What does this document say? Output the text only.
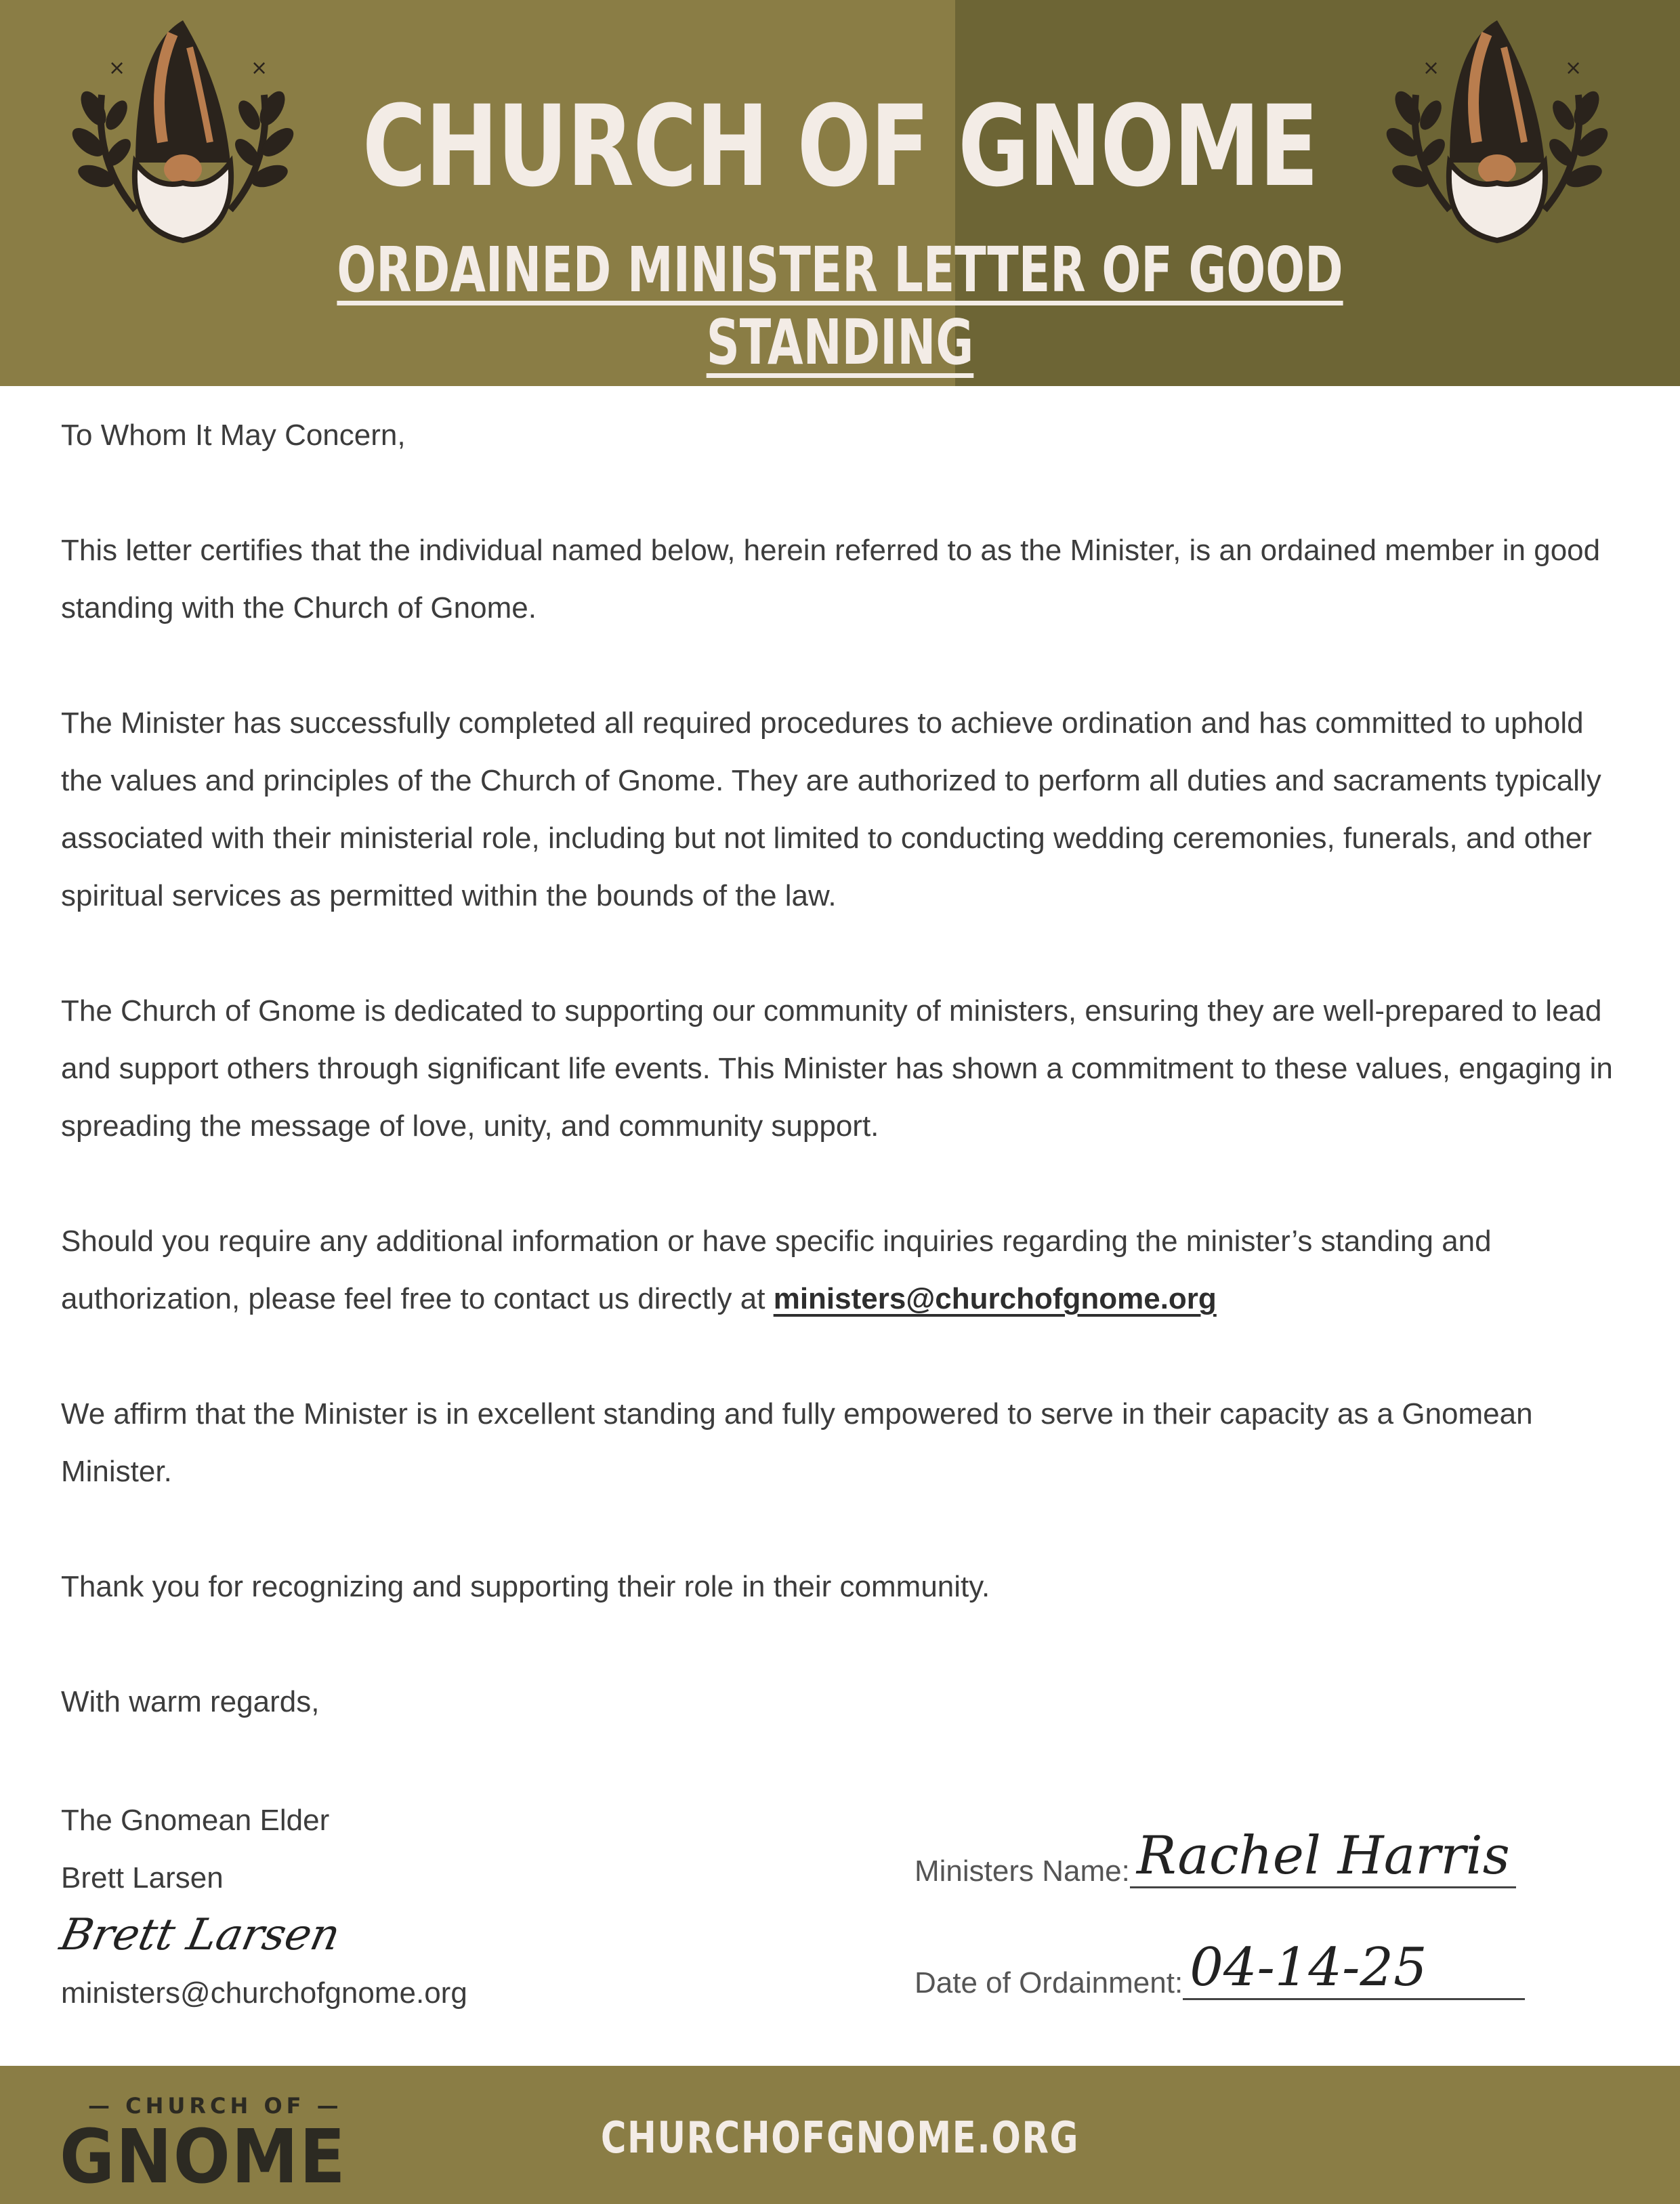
CHURCH OF GNOME
ORDAINED MINISTER LETTER OF GOOD STANDING

To Whom It May Concern,

This letter certifies that the individual named below, herein referred to as the Minister, is an ordained member in good standing with the Church of Gnome.

The Minister has successfully completed all required procedures to achieve ordination and has committed to uphold the values and principles of the Church of Gnome. They are authorized to perform all duties and sacraments typically associated with their ministerial role, including but not limited to conducting wedding ceremonies, funerals, and other spiritual services as permitted within the bounds of the law.

The Church of Gnome is dedicated to supporting our community of ministers, ensuring they are well-prepared to lead and support others through significant life events. This Minister has shown a commitment to these values, engaging in spreading the message of love, unity, and community support.

Should you require any additional information or have specific inquiries regarding the minister’s standing and authorization, please feel free to contact us directly at ministers@churchofgnome.org

We affirm that the Minister is in excellent standing and fully empowered to serve in their capacity as a Gnomean Minister.

Thank you for recognizing and supporting their role in their community.

With warm regards,

The Gnomean Elder
Brett Larsen
Brett Larsen
ministers@churchofgnome.org
Ministers Name: Rachel Harris
Date of Ordainment: 04-14-25
— CHURCH OF —
GNOME	CHURCHOFGNOME.ORG
